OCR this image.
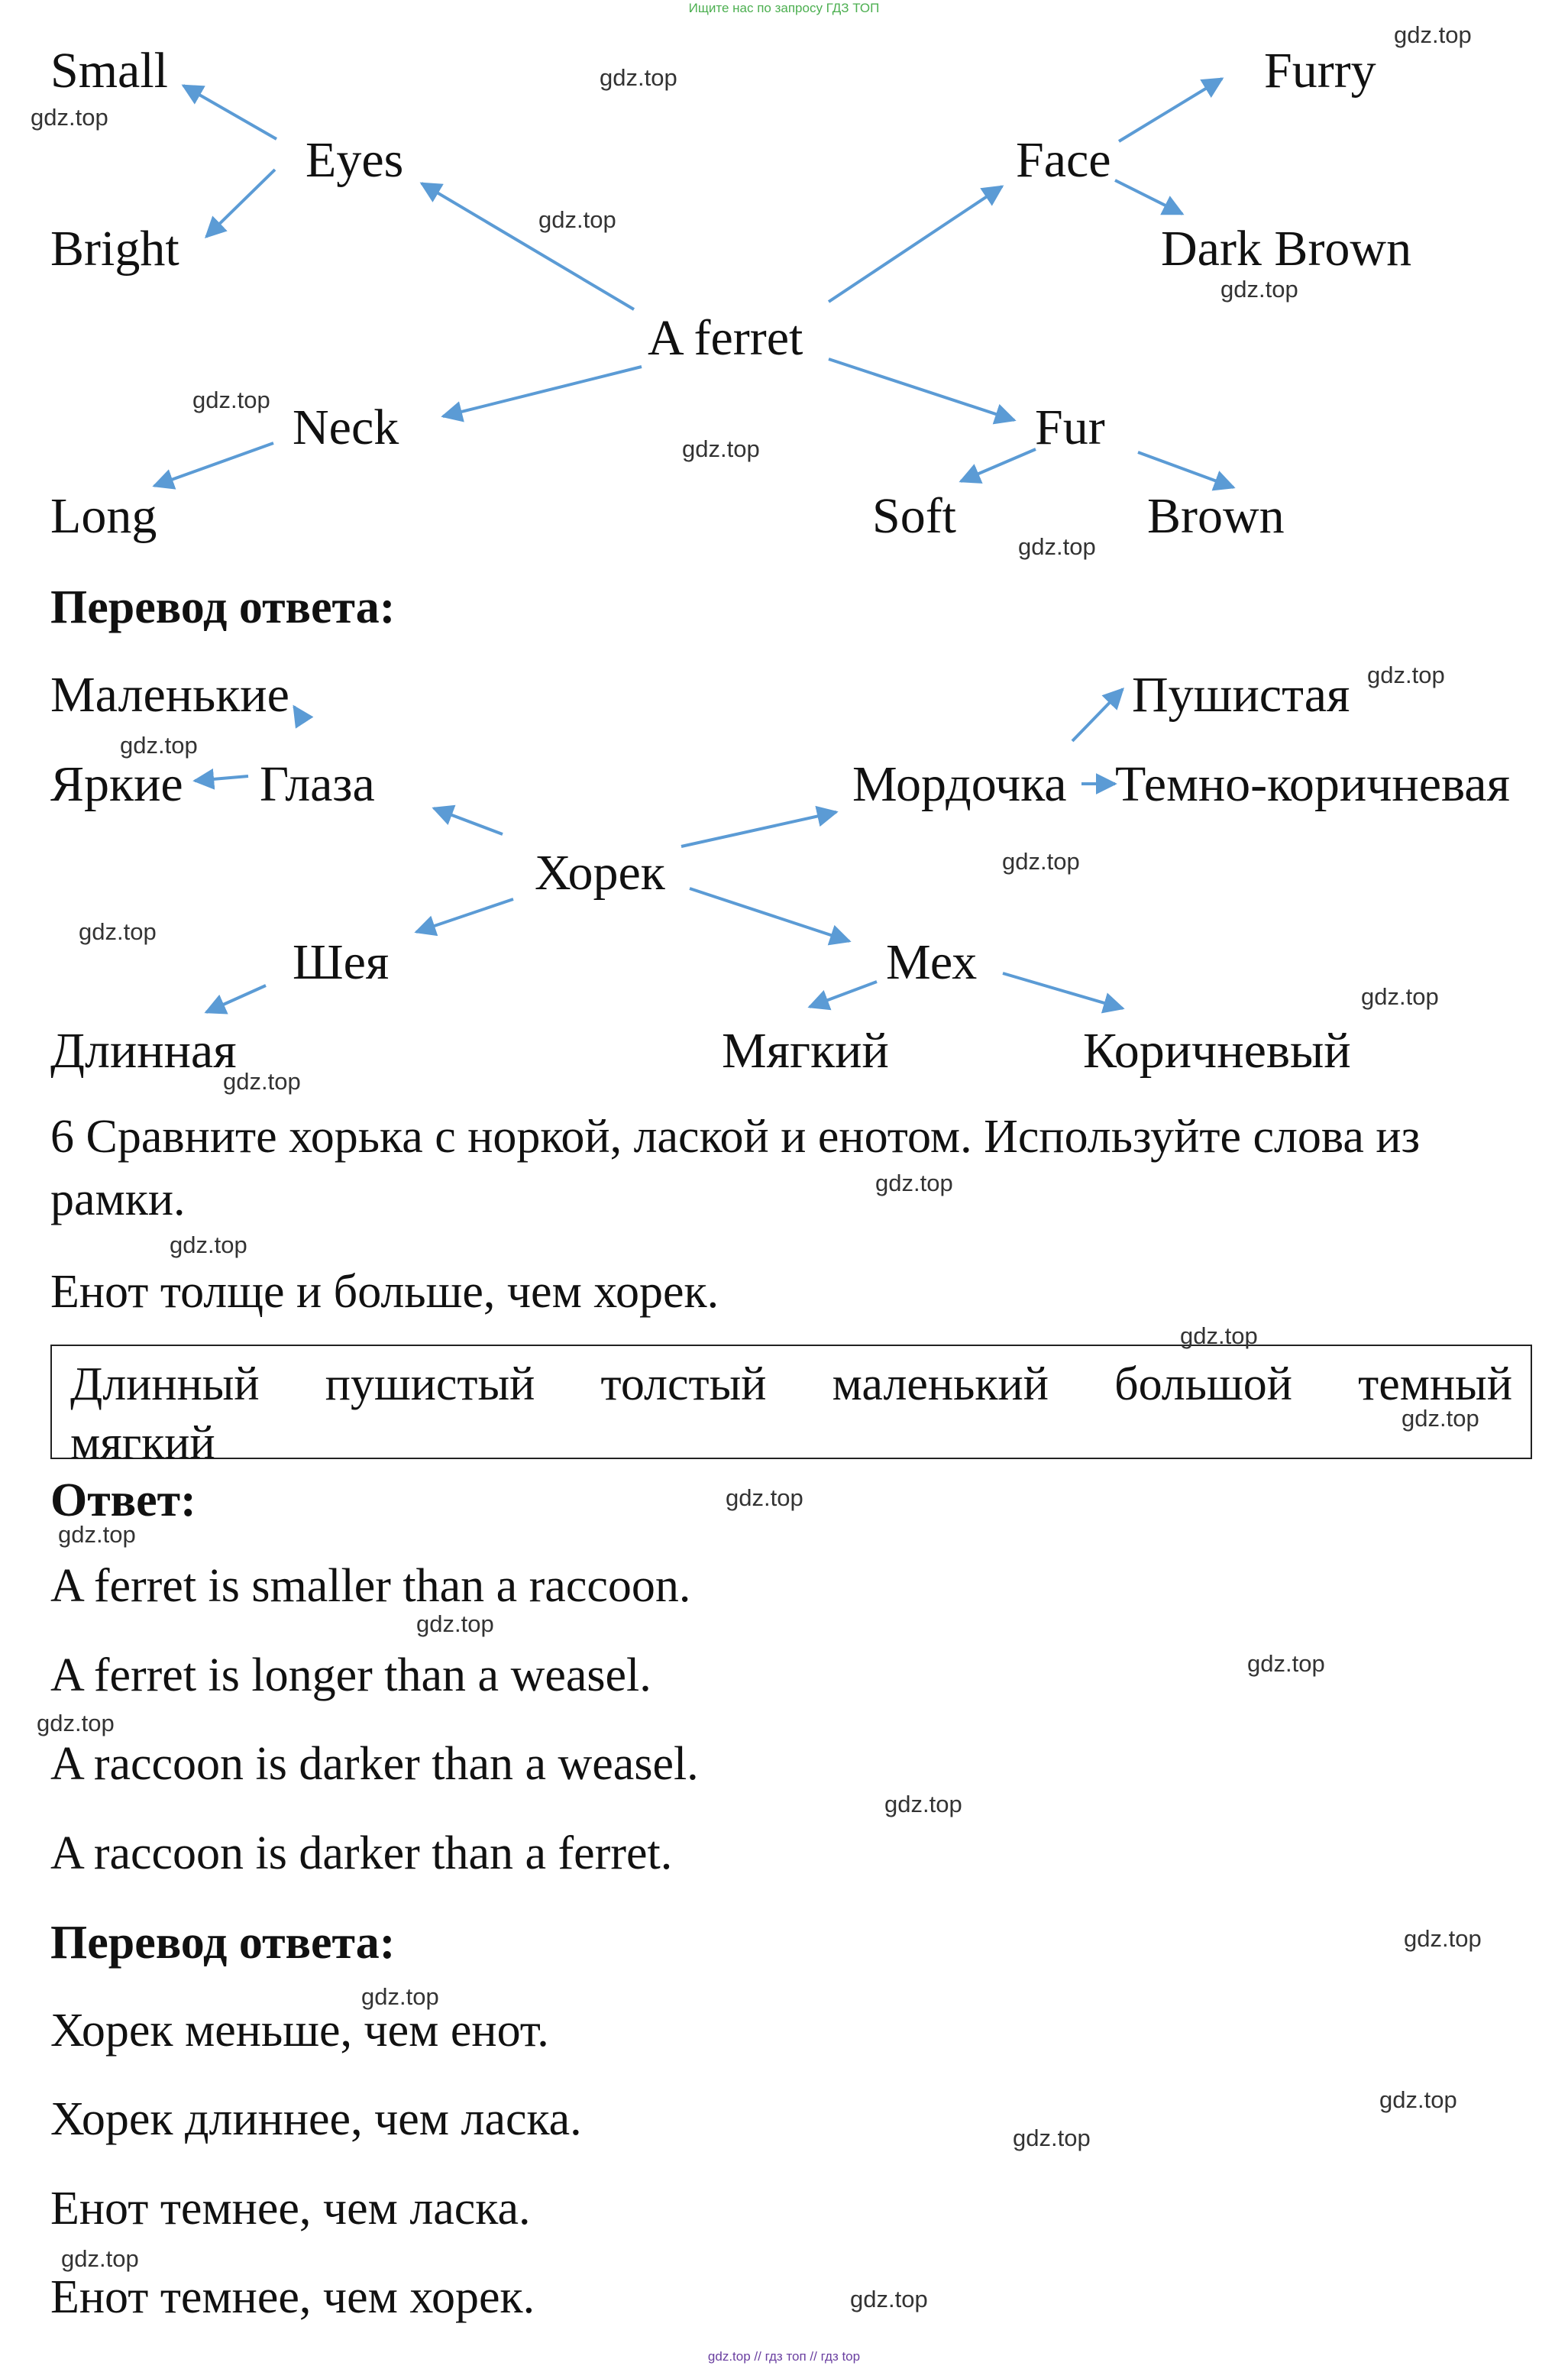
Ищите нас по запросу ГДЗ ТОП
Small
Eyes
Bright
Furry
Face
Dark Brown
A ferret
Neck
Long
Fur
Soft	Brown
Перевод ответа:
Маленькие
Яркие Глаза
Пушистая
Мордочка Темно-коричневая
Хорек
Шея
Длинная
Мех
Мягкий	Коричневый
6 Сравните хорька с норкой, лаской и енотом. Используйте слова из рамки.
Енот толще и больше, чем хорек.
Длинный пушистый толстый маленький большой темный
мягкий
Ответ:
A ferret is smaller than a raccoon.
A ferret is longer than a weasel.
A raccoon is darker than a weasel.
A raccoon is darker than a ferret.
Перевод ответа:
Хорек меньше, чем енот.
Хорек длиннее, чем ласка.
Енот темнее, чем ласка.
Енот темнее, чем хорек.
gdz.top
gdz.top
gdz.top
gdz.top
gdz.top
gdz.top
gdz.top
gdz.top
gdz.top
gdz.top
gdz.top
gdz.top
gdz.top
gdz.top
gdz.top
gdz.top
gdz.top
gdz.top
gdz.top
gdz.top
gdz.top
gdz.top
gdz.top
gdz.top
gdz.top
gdz.top
gdz.top
gdz.top
gdz.top
gdz.top
gdz.top // гдз топ // гдз top
